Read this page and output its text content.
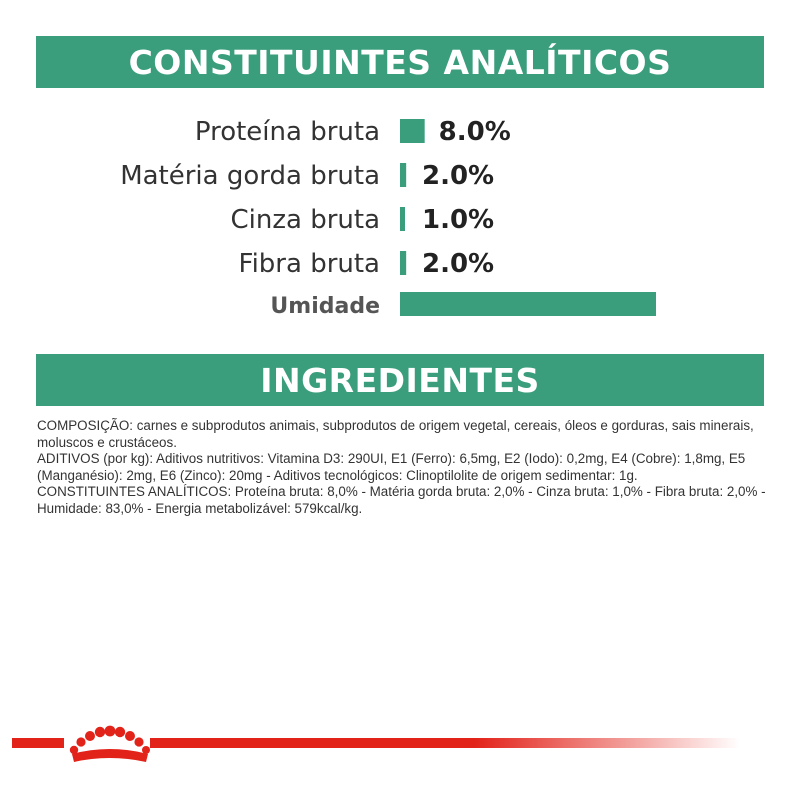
CONSTITUINTES ANALÍTICOS
Proteína bruta 8.0%
Matéria gorda bruta 2.0%
Cinza bruta 1.0%
Fibra bruta 2.0%
Umidade
INGREDIENTES

COMPOSIÇÃO: carnes e subprodutos animais, subprodutos de origem vegetal, cereais, óleos e gorduras, sais minerais, moluscos e crustáceos.

ADITIVOS (por kg): Aditivos nutritivos: Vitamina D3: 290UI, E1 (Ferro): 6,5mg, E2 (Iodo): 0,2mg, E4 (Cobre): 1,8mg, E5 (Manganésio): 2mg, E6 (Zinco): 20mg - Aditivos tecnológicos: Clinoptilolite de origem sedimentar: 1g.

CONSTITUINTES ANALÍTICOS: Proteína bruta: 8,0% - Matéria gorda bruta: 2,0% - Cinza bruta: 1,0% - Fibra bruta: 2,0% - Humidade: 83,0% - Energia metabolizável: 579kcal/kg.
